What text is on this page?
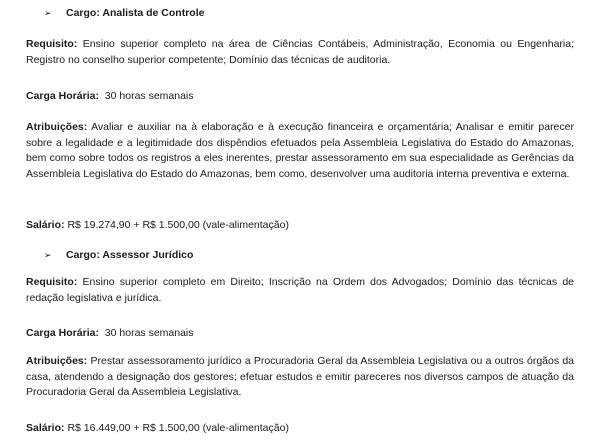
➢ Cargo: Analista de Controle
Requisito: Ensino superior completo na área de Ciências Contábeis, Administração, Economia ou Engenharia; Registro no conselho superior competente; Domínio das técnicas de auditoria.
Carga Horária: 30 horas semanais
Atribuições: Avaliar e auxiliar na à elaboração e à execução financeira e orçamentária; Analisar e emitir parecer sobre a legalidade e a legitimidade dos dispêndios efetuados pela Assembleia Legislativa do Estado do Amazonas, bem como sobre todos os registros a eles inerentes, prestar assessoramento em sua especialidade as Gerências da Assembleia Legislativa do Estado do Amazonas, bem como, desenvolver uma auditoria interna preventiva e externa.
Salário: R$ 19.274,90 + R$ 1.500,00 (vale-alimentação)
➢ Cargo: Assessor Jurídico
Requisito: Ensino superior completo em Direito; Inscrição na Ordem dos Advogados; Domínio das técnicas de redação legislativa e jurídica.
Carga Horária: 30 horas semanais
Atribuições: Prestar assessoramento jurídico a Procuradoria Geral da Assembleia Legislativa ou a outros órgãos da casa, atendendo a designação dos gestores; efetuar estudos e emitir pareceres nos diversos campos de atuação da Procuradoria Geral da Assembleia Legislativa.
Salário: R$ 16.449,00 + R$ 1.500,00 (vale-alimentação)
